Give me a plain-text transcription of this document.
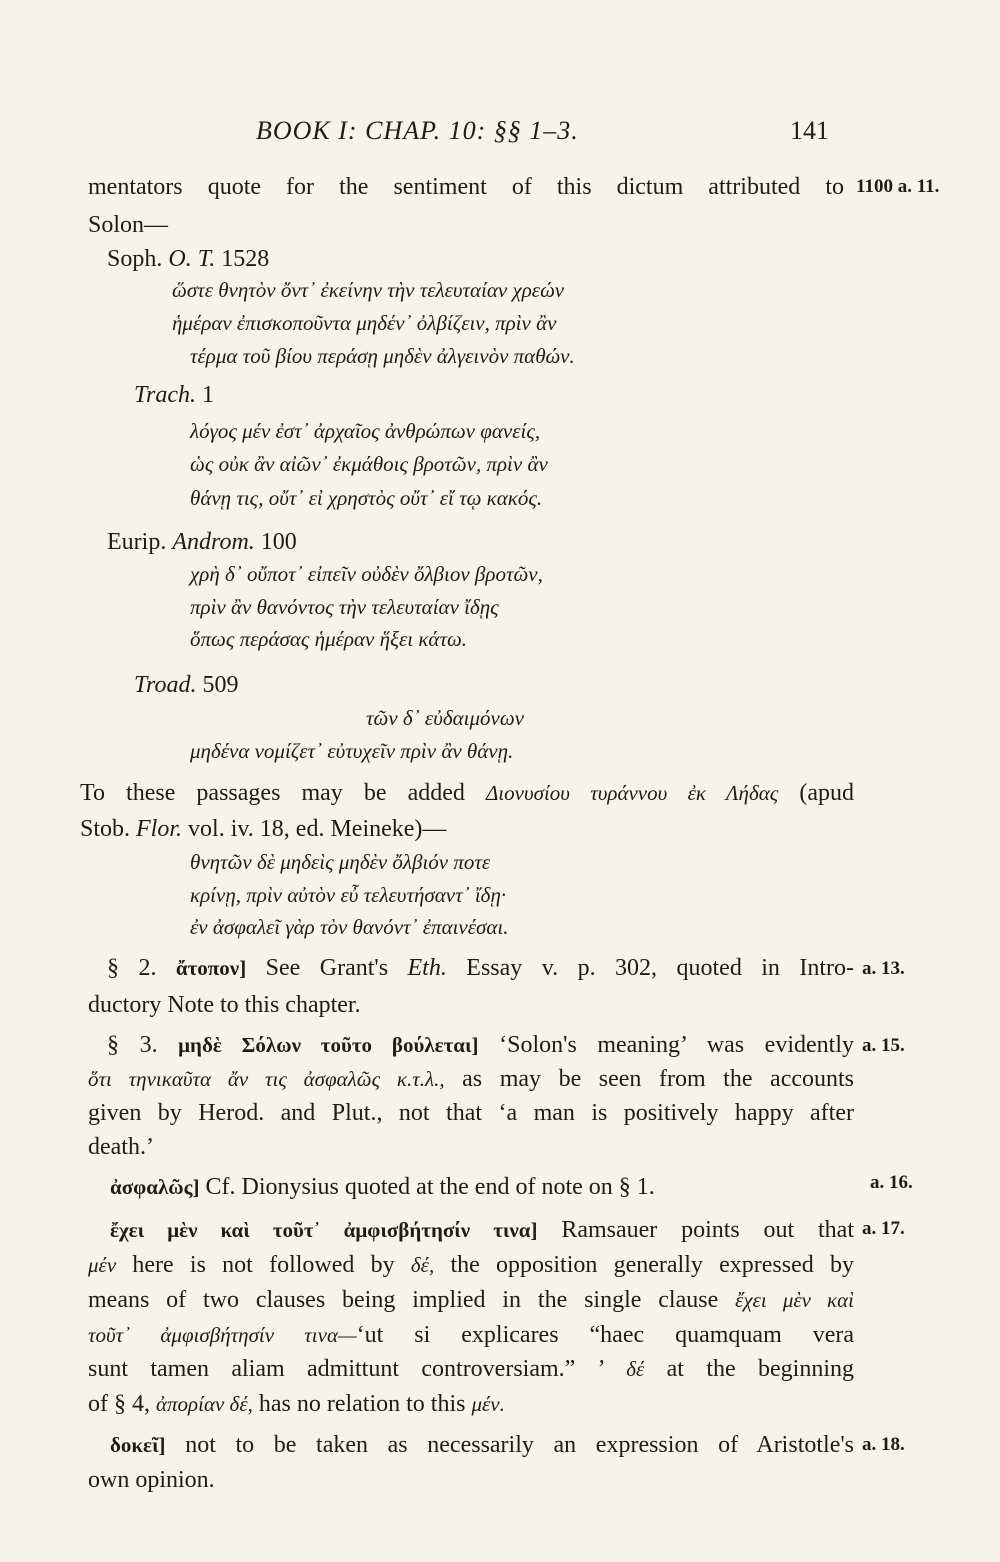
BOOK I: CHAP. 10: §§ 1–3.	141
mentators quote for the sentiment of this dictum attributed to 1100 a. 11.
Solon—
Soph. O. T. 1528
ὥστε θνητὸν ὄντ᾽ ἐκείνην τὴν τελευταίαν χρεών
ἡμέραν ἐπισκοποῦντα μηδέν᾽ ὀλβίζειν, πρὶν ἂν
τέρμα τοῦ βίου περάσῃ μηδὲν ἀλγεινὸν παθών.
Trach. 1
λόγος μέν ἐστ᾽ ἀρχαῖος ἀνθρώπων φανείς,
ὡς οὐκ ἂν αἰῶν᾽ ἐκμάθοις βροτῶν, πρὶν ἂν
θάνῃ τις, οὔτ᾽ εἰ χρηστὸς οὔτ᾽ εἴ τῳ κακός.
Eurip. Androm. 100
χρὴ δ᾽ οὔποτ᾽ εἰπεῖν οὐδὲν ὄλβιον βροτῶν,
πρὶν ἂν θανόντος τὴν τελευταίαν ἴδῃς
ὅπως περάσας ἡμέραν ἥξει κάτω.
Troad. 509
τῶν δ᾽ εὐδαιμόνων
μηδένα νομίζετ᾽ εὐτυχεῖν πρὶν ἂν θάνῃ.
To these passages may be added Διονυσίου τυράννου ἐκ Λήδας (apud
Stob. Flor. vol. iv. 18, ed. Meineke)—
θνητῶν δὲ μηδεὶς μηδὲν ὄλβιόν ποτε
κρίνῃ, πρὶν αὐτὸν εὖ τελευτήσαντ᾽ ἴδῃ·
ἐν ἀσφαλεῖ γὰρ τὸν θανόντ᾽ ἐπαινέσαι.
§ 2. ἄτοπον] See Grant's Eth. Essay v. p. 302, quoted in Intro- a. 13.
ductory Note to this chapter.
§ 3. μηδὲ Σόλων τοῦτο βούλεται] ‘Solon's meaning’ was evidently a. 15.
ὅτι τηνικαῦτα ἄν τις ἀσφαλῶς κ.τ.λ., as may be seen from the accounts
given by Herod. and Plut., not that ‘a man is positively happy after
death.’
ἀσφαλῶς] Cf. Dionysius quoted at the end of note on § 1.	a. 16.
ἔχει μὲν καὶ τοῦτ᾽ ἀμφισβήτησίν τινα] Ramsauer points out that a. 17.
μέν here is not followed by δέ, the opposition generally expressed by
means of two clauses being implied in the single clause ἔχει μὲν καὶ
τοῦτ᾽ ἀμφισβήτησίν τινα—‘ut si explicares “haec quamquam vera
sunt tamen aliam admittunt controversiam.” ’ δέ at the beginning
of § 4, ἀπορίαν δέ, has no relation to this μέν.
δοκεῖ] not to be taken as necessarily an expression of Aristotle's a. 18.
own opinion.
